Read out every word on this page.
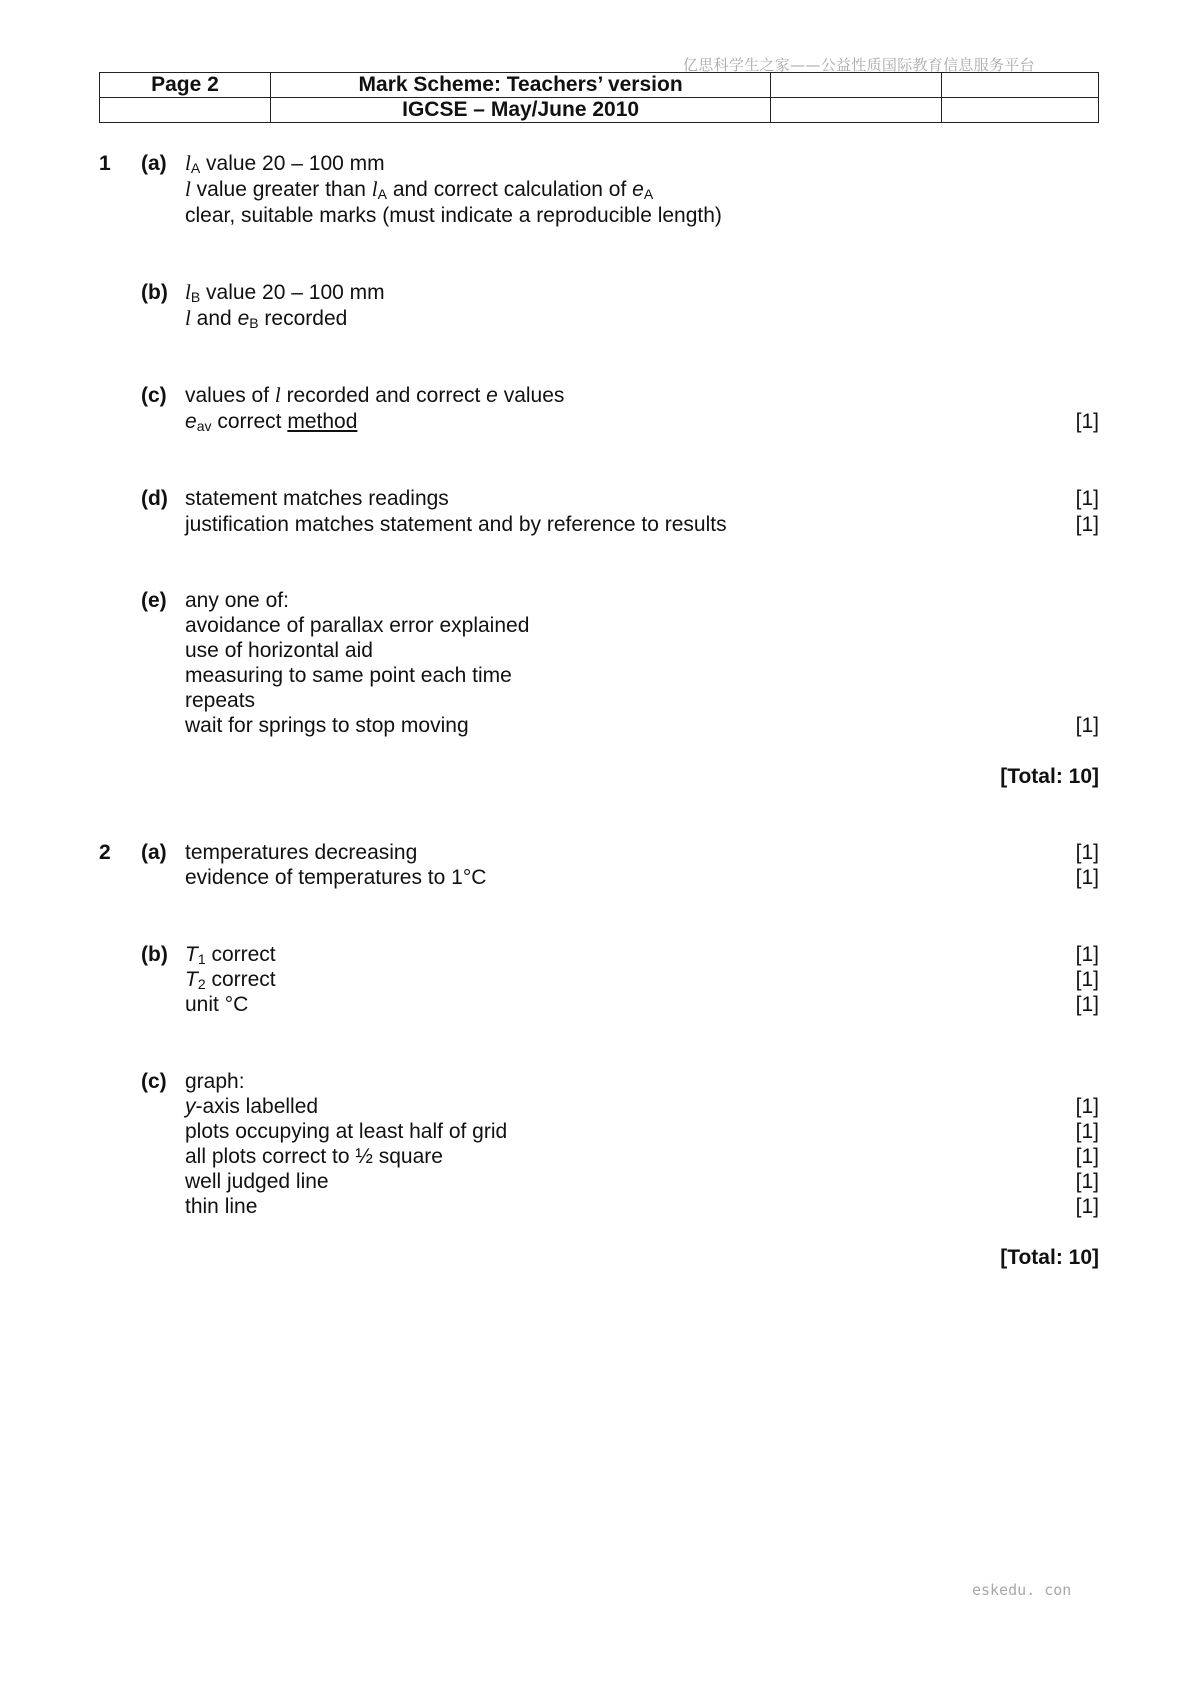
亿思科学生之家——公益性质国际教育信息服务平台
Page 2	Mark Scheme: Teachers’ version		
	IGCSE – May/June 2010		
1 (a) $l_A$ value 20 – 100 mm
l value greater than $l_A$ and correct calculation of $e_A$
clear, suitable marks (must indicate a reproducible length)
(b) $l_B$ value 20 – 100 mm
l and $e_B$ recorded
(c) values of l recorded and correct e values
$e_{av}$ correct method	[1]
(d) statement matches readings	[1]
justification matches statement and by reference to results	[1]
(e) any one of:
avoidance of parallax error explained
use of horizontal aid
measuring to same point each time
repeats
wait for springs to stop moving	[1]
[Total: 10]
2 (a) temperatures decreasing	[1]
evidence of temperatures to 1°C	[1]
(b) $T_1$ correct	[1]
$T_2$ correct	[1]
unit °C	[1]
(c) graph:
y-axis labelled	[1]
plots occupying at least half of grid	[1]
all plots correct to ½ square	[1]
well judged line	[1]
thin line	[1]
[Total: 10]
eskedu. con
